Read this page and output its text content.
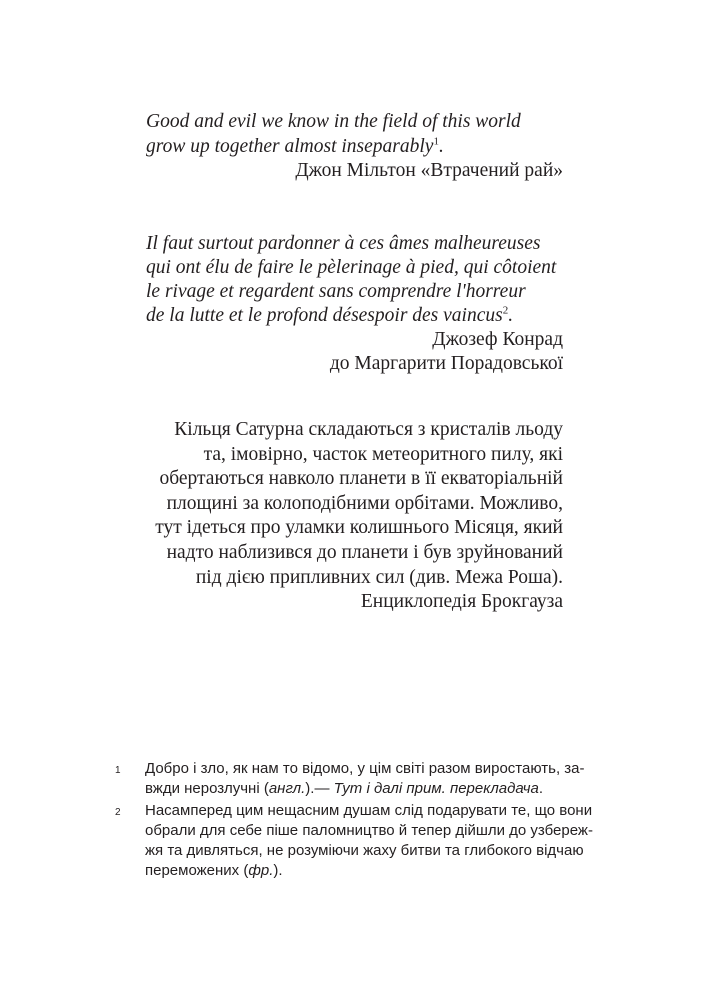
Good and evil we know in the field of this world
grow up together almost inseparably$^1$.
Джон Мільтон «Втрачений рай»
Il faut surtout pardonner à ces âmes malheureuses
qui ont élu de faire le pèlerinage à pied, qui côtoient
le rivage et regardent sans comprendre l'horreur
de la lutte et le profond désespoir des vaincus$^2$.
Джозеф Конрад
до Маргарити Порадовської
Кільця Сатурна складаються з кристалів льоду
та, імовірно, часток метеоритного пилу, які
обертаються навколо планети в її екваторіальній
площині за колоподібними орбітами. Можливо,
тут ідеться про уламки колишнього Місяця, який
надто наблизився до планети і був зруйнований
під дією припливних сил (див. Межа Роша).
Енциклопедія Брокгауза
1 Добро і зло, як нам то відомо, у цім світі разом виростають, за-
вжди нерозлучні (англ.).— Тут і далі прим. перекладача.
2 Насамперед цим нещасним душам слід подарувати те, що вони
обрали для себе піше паломництво й тепер дійшли до узбереж-
жя та дивляться, не розуміючи жаху битви та глибокого відчаю
переможених (фр.).
